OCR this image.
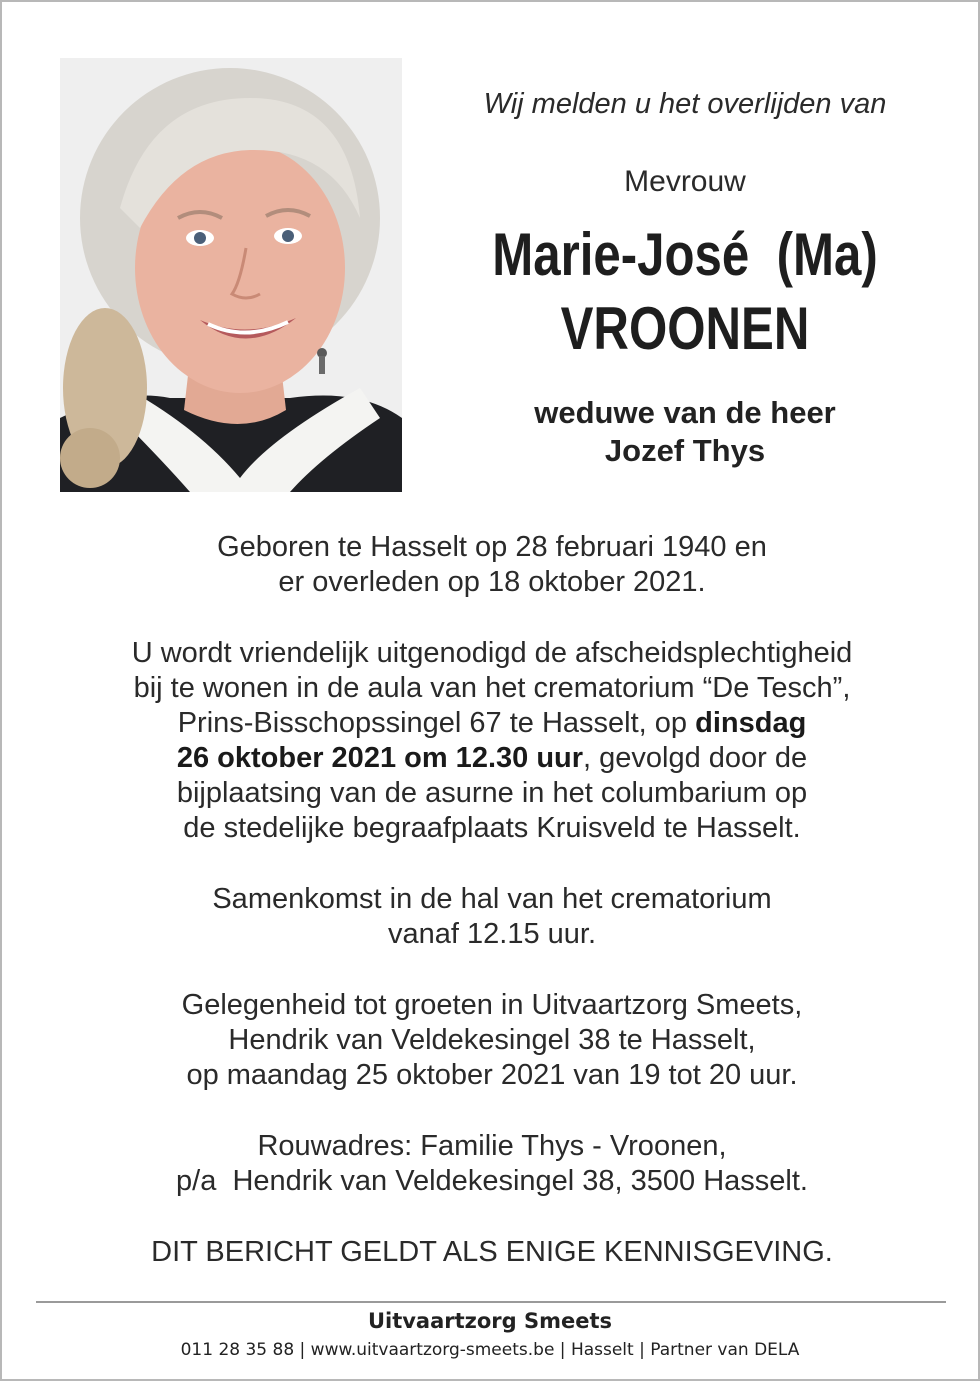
Wij melden u het overlijden van
Mevrouw
Marie-José  (Ma)
VROONEN
weduwe van de heer
Jozef Thys

Geboren te Hasselt op 28 februari 1940 en

er overleden op 18 oktober 2021.

U wordt vriendelijk uitgenodigd de afscheidsplechtigheid

bij te wonen in de aula van het crematorium “De Tesch”,

Prins-Bisschopssingel 67 te Hasselt, op dinsdag

26 oktober 2021 om 12.30 uur, gevolgd door de

bijplaatsing van de asurne in het columbarium op

de stedelijke begraafplaats Kruisveld te Hasselt.

Samenkomst in de hal van het crematorium

vanaf 12.15 uur.

Gelegenheid tot groeten in Uitvaartzorg Smeets,

Hendrik van Veldekesingel 38 te Hasselt,

op maandag 25 oktober 2021 van 19 tot 20 uur.

Rouwadres: Familie Thys - Vroonen,

p/a  Hendrik van Veldekesingel 38, 3500 Hasselt.

DIT BERICHT GELDT ALS ENIGE KENNISGEVING.

Uitvaartzorg Smeets
011 28 35 88 | www.uitvaartzorg-smeets.be | Hasselt | Partner van DELA
